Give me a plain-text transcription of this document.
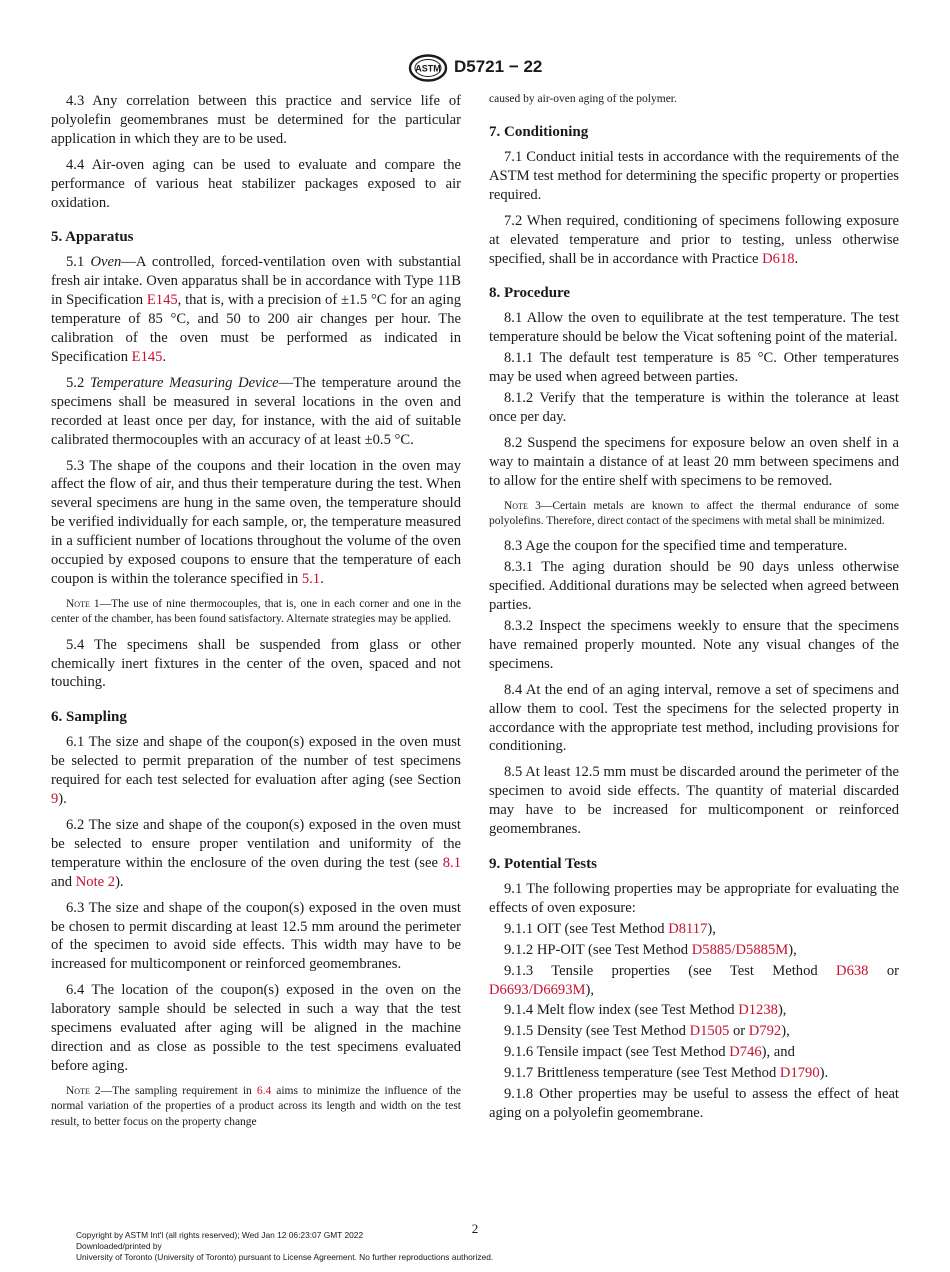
ASTM D5721 − 22

4.3 Any correlation between this practice and service life of polyolefin geomembranes must be determined for the particular application in which they are to be used.

4.4 Air-oven aging can be used to evaluate and compare the performance of various heat stabilizer packages exposed to air oxidation.

5. Apparatus

5.1 Oven—A controlled, forced-ventilation oven with substantial fresh air intake. Oven apparatus shall be in accordance with Type 11B in Specification E145, that is, with a precision of ±1.5 °C for an aging temperature of 85 °C, and 50 to 200 air changes per hour. The calibration of the oven must be performed as indicated in Specification E145.

5.2 Temperature Measuring Device—The temperature around the specimens shall be measured in several locations in the oven and recorded at least once per day, for instance, with the aid of suitable calibrated thermocouples with an accuracy of at least ±0.5 °C.

5.3 The shape of the coupons and their location in the oven may affect the flow of air, and thus their temperature during the test. When several specimens are hung in the same oven, the temperature should be verified individually for each sample, or, the temperature measured in a sufficient number of locations throughout the volume of the oven occupied by exposed coupons to ensure that the temperature of each coupon is within the tolerance specified in 5.1.

Note 1—The use of nine thermocouples, that is, one in each corner and one in the center of the chamber, has been found satisfactory. Alternate strategies may be applied.

5.4 The specimens shall be suspended from glass or other chemically inert fixtures in the center of the oven, spaced and not touching.

6. Sampling

6.1 The size and shape of the coupon(s) exposed in the oven must be selected to permit preparation of the number of test specimens required for each test selected for evaluation after aging (see Section 9).

6.2 The size and shape of the coupon(s) exposed in the oven must be selected to ensure proper ventilation and uniformity of the temperature within the enclosure of the oven during the test (see 8.1 and Note 2).

6.3 The size and shape of the coupon(s) exposed in the oven must be chosen to permit discarding at least 12.5 mm around the perimeter of the specimen to avoid side effects. This width may have to be increased for multicomponent or reinforced geomembranes.

6.4 The location of the coupon(s) exposed in the oven on the laboratory sample should be selected in such a way that the test specimens evaluated after aging will be aligned in the machine direction and as close as possible to the test specimens evaluated before aging.

Note 2—The sampling requirement in 6.4 aims to minimize the influence of the normal variation of the properties of a product across its length and width on the test result, to better focus on the property change

caused by air-oven aging of the polymer.

7. Conditioning

7.1 Conduct initial tests in accordance with the requirements of the ASTM test method for determining the specific property or properties required.

7.2 When required, conditioning of specimens following exposure at elevated temperature and prior to testing, unless otherwise specified, shall be in accordance with Practice D618.

8. Procedure

8.1 Allow the oven to equilibrate at the test temperature. The test temperature should be below the Vicat softening point of the material.

8.1.1 The default test temperature is 85 °C. Other temperatures may be used when agreed between parties.

8.1.2 Verify that the temperature is within the tolerance at least once per day.

8.2 Suspend the specimens for exposure below an oven shelf in a way to maintain a distance of at least 20 mm between specimens and to allow for the entire shelf with specimens to be removed.

Note 3—Certain metals are known to affect the thermal endurance of some polyolefins. Therefore, direct contact of the specimens with metal shall be minimized.

8.3 Age the coupon for the specified time and temperature.

8.3.1 The aging duration should be 90 days unless otherwise specified. Additional durations may be selected when agreed between parties.

8.3.2 Inspect the specimens weekly to ensure that the specimens have remained properly mounted. Note any visual changes of the specimens.

8.4 At the end of an aging interval, remove a set of specimens and allow them to cool. Test the specimens for the selected property in accordance with the appropriate test method, including provisions for conditioning.

8.5 At least 12.5 mm must be discarded around the perimeter of the specimen to avoid side effects. The quantity of material discarded may have to be increased for multicomponent or reinforced geomembranes.

9. Potential Tests

9.1 The following properties may be appropriate for evaluating the effects of oven exposure:

9.1.1 OIT (see Test Method D8117),

9.1.2 HP-OIT (see Test Method D5885/D5885M),

9.1.3 Tensile properties (see Test Method D638 or D6693/D6693M),

9.1.4 Melt flow index (see Test Method D1238),

9.1.5 Density (see Test Method D1505 or D792),

9.1.6 Tensile impact (see Test Method D746), and

9.1.7 Brittleness temperature (see Test Method D1790).

9.1.8 Other properties may be useful to assess the effect of heat aging on a polyolefin geomembrane.

2
Copyright by ASTM Int'l (all rights reserved); Wed Jan 12 06:23:07 GMT 2022
Downloaded/printed by
University of Toronto (University of Toronto) pursuant to License Agreement. No further reproductions authorized.
